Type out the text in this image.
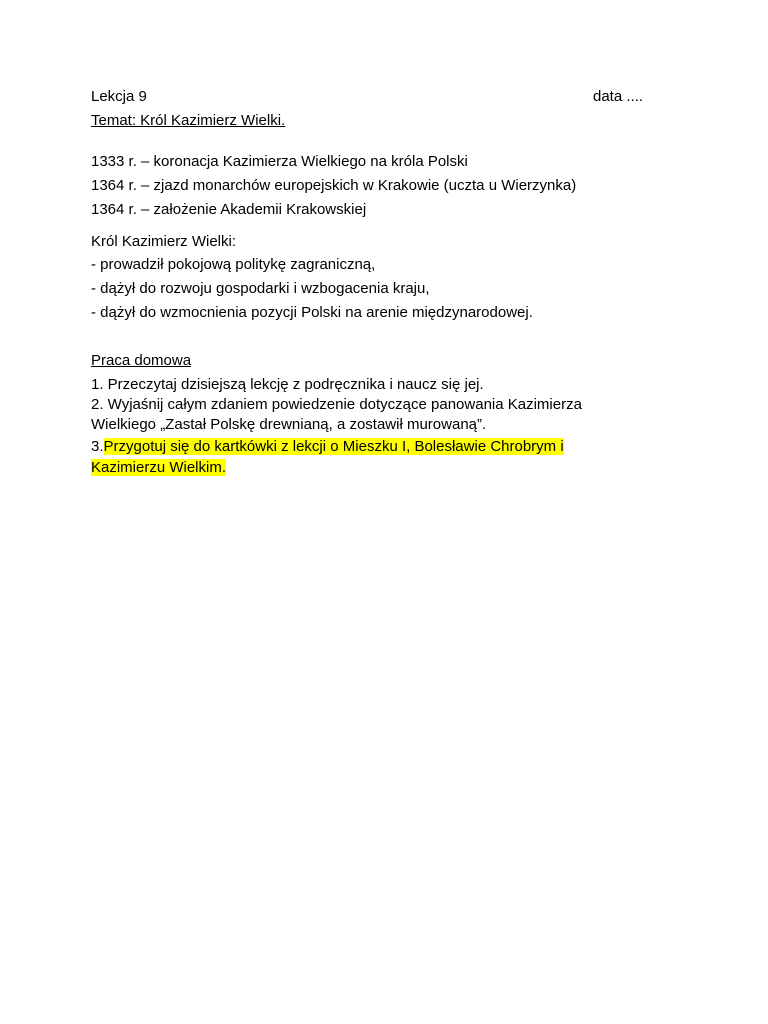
Lekcja 9	data ....
Temat: Król Kazimierz Wielki.
1333 r. – koronacja Kazimierza Wielkiego na króla Polski
1364 r. – zjazd monarchów europejskich w Krakowie (uczta u Wierzynka)
1364 r. – założenie Akademii Krakowskiej
Król Kazimierz Wielki:
- prowadził pokojową politykę zagraniczną,
- dążył do rozwoju gospodarki i wzbogacenia kraju,
- dążył do wzmocnienia pozycji Polski na arenie międzynarodowej.
Praca domowa
1. Przeczytaj dzisiejszą lekcję z podręcznika i naucz się jej.
2. Wyjaśnij całym zdaniem powiedzenie dotyczące panowania Kazimierza
Wielkiego „Zastał Polskę drewnianą, a zostawił murowaną”.
3.Przygotuj się do kartkówki z lekcji o Mieszku I, Bolesławie Chrobrym i
Kazimierzu Wielkim.
